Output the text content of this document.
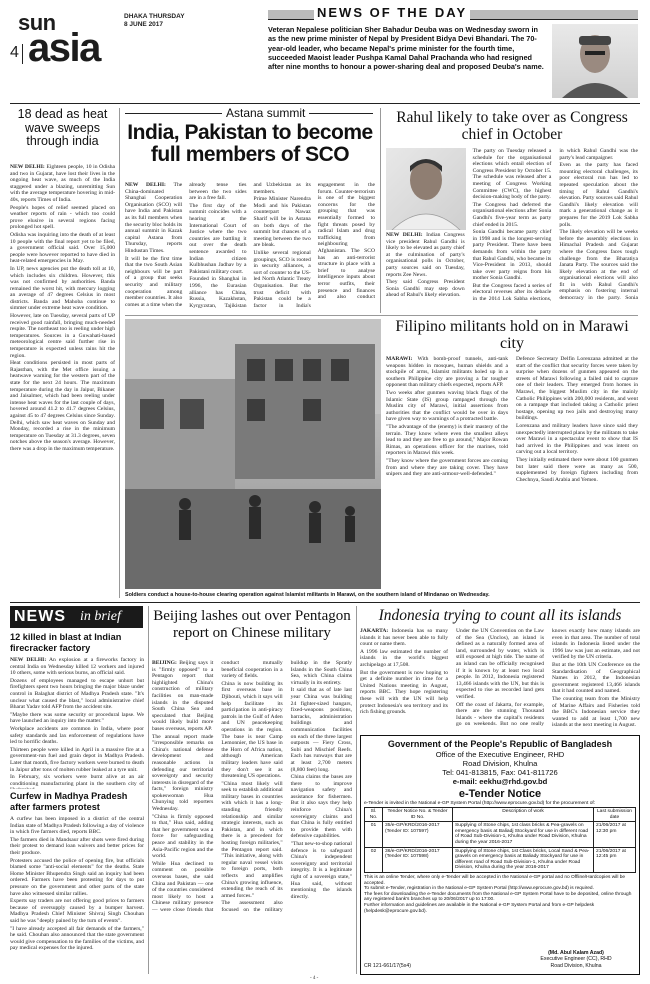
sun
asia
DHAKA THURSDAY
8 JUNE 2017
4
NEWS OF THE DAY
Veteran Nepalese politician Sher Bahadur Deuba was on Wednesday sworn in as the new prime minister of Nepal by President Bidya Devi Bhandari. The 70-year-old leader, who became Nepal's prime minister for the fourth time, succeeded Maoist leader Pushpa Kamal Dahal Prachanda who had resigned after nine months to honour a power-sharing deal and proposed Deuba's name.
18 dead as heat wave sweeps through india

NEW DELHI: Eighteen people, 10 in Odisha and two in Gujarat, have lost their lives in the ongoing heat wave, as much of the India staggered under a blazing, unremitting Sun with the average temperature hovering in mid-40s, reports Times of India.

People's hopes of relief seemed placed on weather reports of rain - which too could prove elusive in several regions facing prolonged hot spell.

Odisha was inquiring into the death of at least 10 people with the final report yet to be filed, a government official said. Over 15,000 people were however reported to have died in heat-related emergencies in May.

In UP, news agencies put the death toll at 10, which includes six children. However, this was not confirmed by authorities. Banda remained the worst hit, with mercury logging an average of 47 degrees Celsius in most districts. Banda and Mahoba continue to simmer under extreme heat wave condition.

However, late on Tuesday, several parts of UP received good rainfall, bringing much-needed respite. The northeast too is reeling under high temperatures. Sources in a Guwahati-based meteorological centre said further rise in temperature is expected unless rains hit the region.

Heat conditions persisted in most parts of Rajasthan, with the Met office issuing a heatwave warning for the western part of the state for the next 24 hours. The maximum temperature during the day in Jaipur, Bikaner and Jaisalmer, which had been reeling under intense heat waves for the last couple of days, hovered around 41.2 to 41.7 degrees Celsius, against 45 to 47 degrees Celsius since Sunday. Delhi, which saw heat waves on Sunday and Monday, recorded a rise in the minimum temperature on Tuesday at 31.3 degrees, seven notches above the season's average. However, there was a drop in the maximum temperature.

Astana summit
India, Pakistan to become full members of SCO

NEW DELHI: The China-dominated Shanghai Cooperation Organisation (SCO) will have India and Pakistan as its full members when the security bloc holds its annual summit in Kazak capital Astana from Thursday, reports Hindustan Times.

It will be the first time that the two South Asian neighbours will be part of a group that seeks security and military cooperation among member countries. It also comes at a time when the already tense ties between the two sides are in a free fall.

The first day of the summit coincides with a hearing at the International Court of Justice where the two countries are battling it out over the death sentence awarded to Indian citizen Kulbhushan Jadhav by a Pakistani military court.

Founded in Shanghai in 1996, the Eurasian alliance has China, Russia, Kazakhstan, Kyrgyzstan, Tajikistan and Uzbekistan as its members.

Prime Minister Narendra Modi and his Pakistan counterpart Nawaz Sharif will be in Astana on both days of the summit but chances of a meeting between the two are bleak.

Unlike several regional groupings, SCO is rooted in security alliances, a sort of counter to the US-led North Atlantic Treaty Organisation. But the trust deficit with Pakistan could be a factor in India's engagement in the forum. Counter-terrorism is one of the biggest concerns for the grouping that was essentially formed to fight threats posed by radical Islam and drug trafficking from neighbouring Afghanistan. The SCO has an anti-terrorist structure in place with a brief to analyse intelligence inputs about terror outfits, their presence and finances and also conduct

Rahul likely to take over as Congress chief in October

NEW DELHI: Indian Congress vice president Rahul Gandhi is likely to be elevated as party chief at the culmination of party's organisational polls in October, party sources said on Tuesday, reports Zee News.

They said Congress President Sonia Gandhi may step down ahead of Rahul's likely elevation.

The party on Tuesday released a schedule for the organisational elections which entail election of Congress President by October 15. The schedule was released after a meeting of Congress Working Committee (CWC), the highest decision-making body of the party.

The Congress had deferred the organisational elections after Sonia Gandhi's five-year term as party chief ended in 2015.

Sonia Gandhi became party chief in 1998 and is the longest-serving party President. There have been demands from within the party that Rahul Gandhi, who became its Vice-President in 2013, should take over party reigns from his mother Sonia Gandhi.

But the Congress faced a series of electoral reverses after its debacle in the 2014 Lok Sabha elections, in which Rahul Gandhi was the party's lead campaigner.

Even as the party has faced mounting electoral challenges, its poor electoral run has led to repeated speculation about the timing of Rahul Gandhi's elevation. Party sources said Rahul Gandhi's likely elevation will mark a generational change as it prepares for the 2019 Lok Sabha polls.

The likely elevation will be weeks before the assembly elections in Himachal Pradesh and Gujarat where the Congress faces tough challenge from the Bharatiya Janata Party. The sources said the likely elevation at the end of organisational elections will also fit in with Rahul Gandhi's emphasis on fostering internal democracy in the party. Sonia

Filipino militants hold on in Marawi city

MARAWI: With bomb-proof tunnels, anti-tank weapons hidden in mosques, human shields and a stockpile of arms, Islamist militants holed up in a southern Philippine city are proving a far tougher opponent than military chiefs expected, reports AFP.

Two weeks after gunmen waving black flags of the Islamic State (IS) group rampaged through the Muslim city of Marawi, initial assertions from authorities that the conflict would be over in days have given way to warnings of a protracted battle.

"The advantage of the (enemy) is their mastery of the terrain. They know where even the smallest alleys lead to and they are free to go around," Major Rowan Rimas, an operations officer for the marines, told reporters in Marawi this week.

"They know where the government forces are coming from and where they are taking cover. They have snipers and they are anti-armour-well-defended."

Defence Secretary Delfin Lorenzana admitted at the start of the conflict that security forces were taken by surprise when dozens of gunmen appeared on the streets of Marawi following a failed raid to capture one of their leaders. They emerged from homes in Marawi, the biggest Muslim city in the mainly Catholic Philippines with 200,000 residents, and went on a rampage that included taking a Catholic priest hostage, opening up two jails and destroying many buildings.

Lorenzana and military leaders have since said they unexpectedly interrupted plans by the militants to take over Marawi in a spectacular event to show that IS had arrived in the Philippines and was intent on carving out a local territory.

They initially estimated there were about 100 gunmen but later said there were as many as 500, supplemented by foreign fighters including from Chechnya, Saudi Arabia and Yemen.

Soldiers conduct a house-to-house clearing operation against Islamist militants in Marawi, on the southern island of Mindanao on Wednesday.
NEWS in brief
12 killed in blast at Indian firecracker factory

NEW DELHI: An explosion at a fireworks factory in central India on Wednesday killed 12 workers and injured 10 others, some with serious burns, an official said.

Dozens of employees managed to escape unhurt but firefighters spent two hours bringing the major blaze under control in Balaghat district of Madhya Pradesh state. "It's unclear what caused the blast," local administrative chief Bharat Yadav told AFP from the accident site.

"Maybe there was some security or procedural lapse. We have launched an inquiry into the matter."

Workplace accidents are common in India, where poor safety standards and lax enforcement of regulations have led to horrific deaths.

Thirteen people were killed in April in a massive fire at a government-run fuel and grain depot in Madhya Pradesh. Later that month, five factory workers were burned to death in Jaipur after tons of molten rubber leaked at a tyre unit.

In February, six workers were burnt alive at an air conditioning manufacturing plant in the southern city of

Curfew in Madhya Pradesh after farmers protest

A curfew has been imposed in a district of the central Indian state of Madhya Pradesh following a day of violence in which five farmers died, reports BBC.

The farmers died in Mandsaur after shots were fired during their protest to demand loan waivers and better prices for their produce.

Protesters accused the police of opening fire, but officials blamed some "anti-social elements" for the deaths. State Home Minister Bhupendra Singh said an inquiry had been ordered. Farmers have been protesting for days to put pressure on the government and other parts of the state have also witnessed similar rallies.

Experts say traders are not offering good prices to farmers because of oversupply caused by a bumper harvest. Madhya Pradesh Chief Minister Shivraj Singh Chouhan said he was "deeply pained by the turn of events".

"I have already accepted all fair demands of the farmers," he said. Chouhan also announced that the state government would give compensation to the families of the victims, and pay medical expenses for the injured.

Beijing lashes out over Pentagon report on Chinese military

BEIJING: Beijing says it is "firmly opposed" to a Pentagon report that highlighted China's construction of military facilities on man-made islands in the disputed South China Sea and speculated that Beijing would likely build more bases overseas, reports AP.

The annual report made "irresponsible remarks on China's national defense development and reasonable actions in defending our territorial sovereignty and security interests in disregard of the facts," foreign ministry spokeswoman Hua Chunying told reporters Wednesday.

"China is firmly opposed to that," Hua said, adding that her government was a force for safeguarding peace and stability in the Asia-Pacific region and the world.

While Hua declined to comment on possible overseas bases, she said China and Pakistan — one of the countries considered most likely to host a Chinese military presence — were close friends that conduct mutually beneficial cooperation in a variety of fields.

China is now building its first overseas base in Djibouti, which it says will help facilitate its participation in anti-piracy patrols in the Gulf of Aden and UN peacekeeping operations in the region. The base is near Camp Lemonnier, the US base in the Horn of Africa nation, although American military leaders have said they don't see it as threatening US operations.

"China most likely will seek to establish additional military bases in countries with which it has a long-standing friendly relationship and similar strategic interests, such as Pakistan, and in which there is a precedent for hosting foreign militaries," the Pentagon report said. "This initiative, along with regular naval vessel visits to foreign ports, both reflects and amplifies China's growing influence, extending the reach of its armed forces."

The assessment also focused on the military buildup in the Spratly Islands in the South China Sea, which China claims virtually in its entirety.

It said that as of late last year China was building 24 fighter-sized hangars, fixed-weapons positions, barracks, administration buildings and communication facilities on each of the three largest outposts — Fiery Cross, Subi and Mischief Reefs. Each has runways that are at least 2,700 meters (8,800 feet) long.

China claims the bases are there to improve navigation safety and assistance for fishermen. But it also says they help reinforce China's sovereignty claims and that China is fully entitled to provide them with defensive capabilities.

"That new-to-shop national defence is to safeguard China's independent sovereignty and territorial integrity. It is a legitimate right of a sovereign state," Hua said, without mentioning the islands directly.

Indonesia trying to count all its islands

JAKARTA: Indonesia has so many islands it has never been able to fully count or name them.

A 1996 law estimated the number of islands in the world's biggest archipelago at 17,508.

But the government is now hoping to get a definite number in time for a United Nations meeting in August, reports BBC. They hope registering these will with the UN will help protect Indonesia's sea territory and its rich fishing grounds.

Under the UN Convention on the Law of the Sea (Unclos), an island is defined as a naturally formed area of land, surrounded by water, which is still exposed at high tide. The name of an island can be officially recognised if it is known by at least two local people. In 2012, Indonesia registered 13,466 islands with the UN, but this is expected to rise as recorded land gets verified.

Off the coast of Jakarta, for example, there are the stunning Thousand Islands - where the capital's residents go on weekends. But no one really knows exactly how many islands are even in that area. The number of total islands in Indonesia listed under the 1996 law was just an estimate, and not verified by the UN criteria.

But at the 10th UN Conference on the Standardisation of Geographical Names in 2012, the Indonesian government registered 13,466 islands that it had counted and named.

The counting team from the Ministry of Marine Affairs and Fisheries told the BBC's Indonesian service they wanted to add at least 1,700 new islands at the next meeting in August.

Government of the People's Republic of Bangladesh
Office of the Executive Engineer, RHD
Road Division, Khulna
Tel: 041-813815, Fax: 041-811726
e-mail: eekhu@rhd.gov.bd
e-Tender Notice
e-Tender is invited in the National e-GP System Portal (http://www.eprocure.gov.bd) for the procurement of:
Sl. No.	Tender Notice No. & Tender ID No.	Description of work	Last submission date
01	35/e-GP/KRD/2016-2017 (Tender ID: 107597)	Supplying of Stone chips, 1st class bricks & Pea-gravels on emergency basis at Baliadj Stockyard for use in different road of Road Sub-Division-1, Khulna under Road Division, Khulna during the year 2016-2017	21/06/2017 at 12:30 pm
02	36/e-GP/KRD/2016-2017 (Tender ID: 107598)	Supplying of Stone chips, 1st Class bricks, Local Sand & Pea-gravels on emergency basis at Baliady Stockyard for use in different road of Road Sub-Division-1, Khulna under Road Division, Khulna during the year 2016-2017	21/06/2017 at 12:45 pm
This is an online Tender, where only e-Tender will be accepted in the National e-GP portal and no Offline/Hardcopies will be accepted.
To submit e-Tender, registration in the National e-GP System Portal (http://www.eprocure.gov.bd) is required.
The fees for downloading the e-Tender documents from the National e-GP System Portal have to be deposited, online through any registered bank's branches up to 20/06/2017 up to 17:00.
Further information and guidelines are available in the National e-GP System Portal and from e-GP helpdesk (helpdesk@eprocure.gov.bd).
(Md. Abul Kalam Azad)
Executive Engineer (CC), RHD
Road Division, Khulna
CR 121-661/17(5x4)
- 4 -
